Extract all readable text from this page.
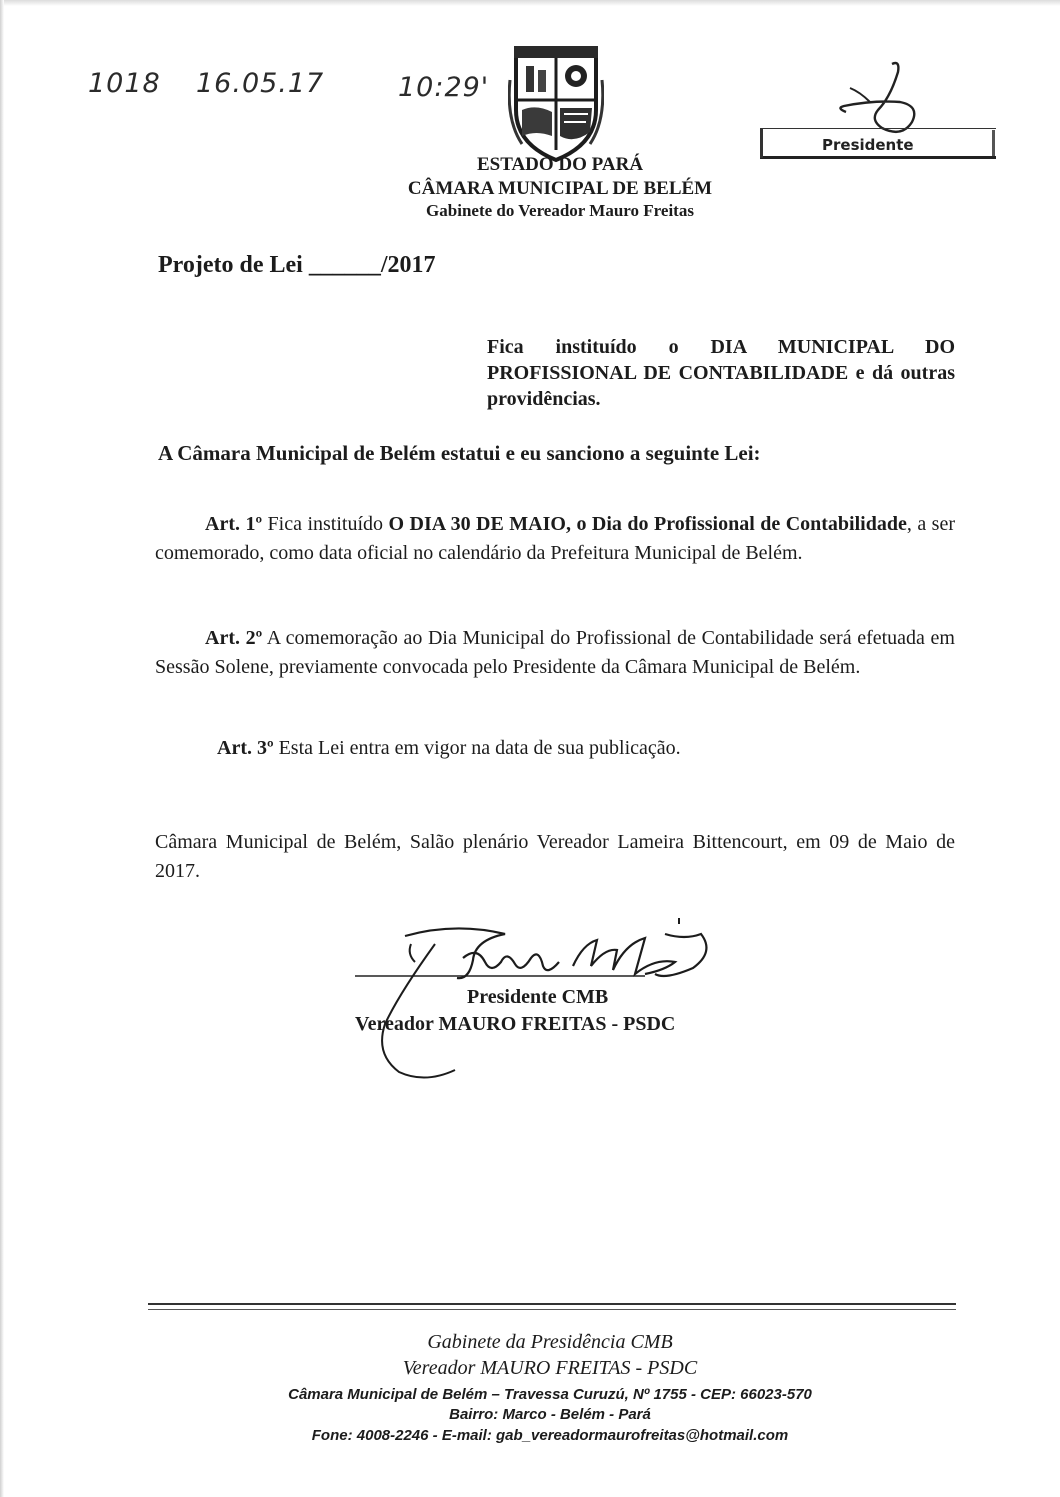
1018 16.05.17	10:29'
ESTADO DO PARÁ
CÂMARA MUNICIPAL DE BELÉM
Gabinete do Vereador Mauro Freitas
Presidente
Projeto de Lei ______/2017
Fica instituído o DIA MUNICIPAL DO PROFISSIONAL DE CONTABILIDADE e dá outras providências.
A Câmara Municipal de Belém estatui e eu sanciono a seguinte Lei:
Art. 1º Fica instituído O DIA 30 DE MAIO, o Dia do Profissional de Contabilidade, a ser comemorado, como data oficial no calendário da Prefeitura Municipal de Belém.
Art. 2º A comemoração ao Dia Municipal do Profissional de Contabilidade será efetuada em Sessão Solene, previamente convocada pelo Presidente da Câmara Municipal de Belém.
Art. 3º Esta Lei entra em vigor na data de sua publicação.
Câmara Municipal de Belém, Salão plenário Vereador Lameira Bittencourt, em 09 de Maio de 2017.
Presidente CMB
Vereador MAURO FREITAS - PSDC
Gabinete da Presidência CMB
Vereador MAURO FREITAS - PSDC
Câmara Municipal de Belém – Travessa Curuzú, Nº 1755 - CEP: 66023-570
Bairro: Marco - Belém - Pará
Fone: 4008-2246 - E-mail: gab_vereadormaurofreitas@hotmail.com
